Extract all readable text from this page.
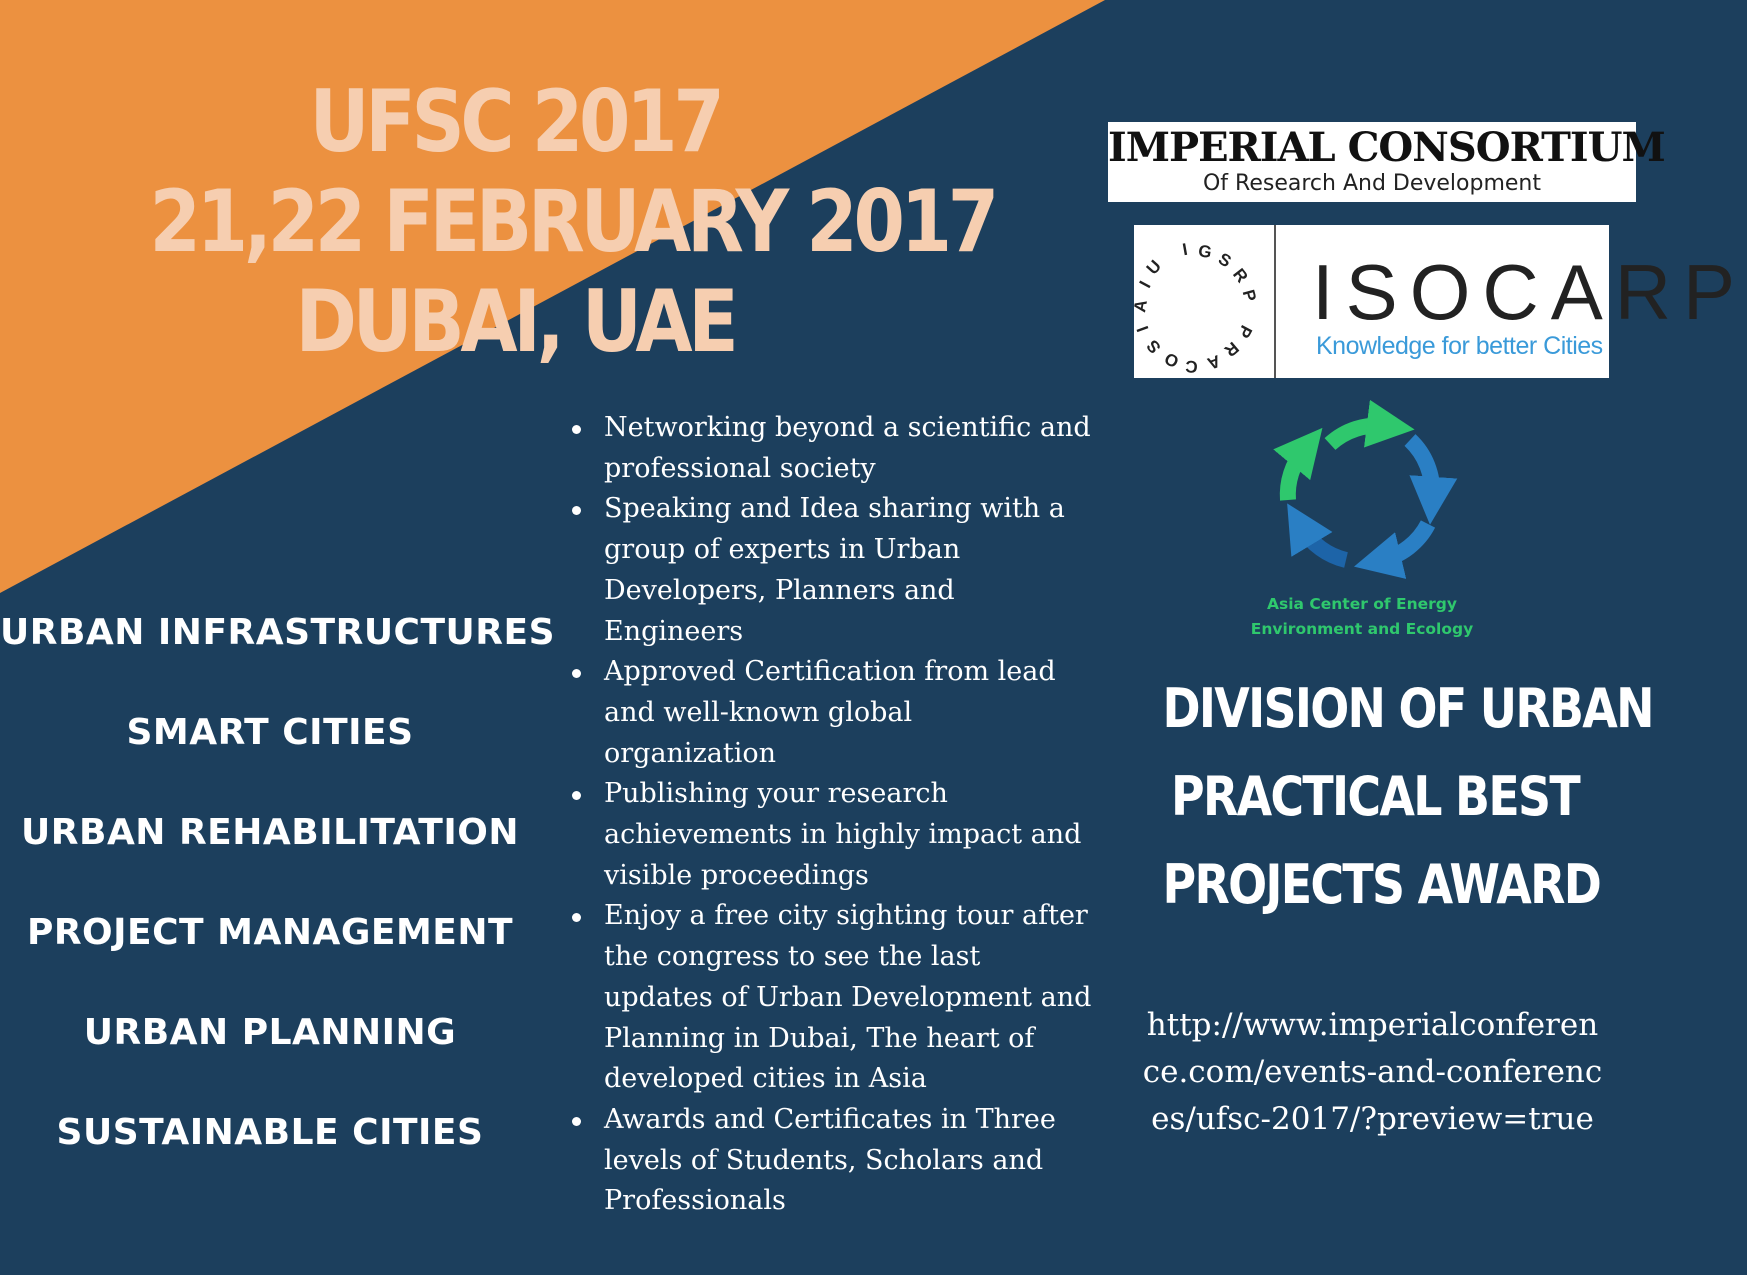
UFSC 2017
21,22 FEBRUARY 2017
DUBAI, UAE
URBAN INFRASTRUCTURES
SMART CITIES
URBAN REHABILITATION
PROJECT MANAGEMENT
URBAN PLANNING
SUSTAINABLE CITIES
Networking beyond a scientific and professional society
Speaking and Idea sharing with a group of experts in Urban Developers, Planners and Engineers
Approved Certification from lead and well-known global organization
Publishing your research achievements in highly impact and visible proceedings
Enjoy a free city sighting tour after the congress to see the last updates of Urban Development and Planning in Dubai, The heart of developed cities in Asia
Awards and Certificates in Three levels of Students, Scholars and Professionals
IMPERIAL CONSORTIUM
Of Research And Development
A
I
U
I G S
R
P
I
S
O C A
R
P ISOCARP
Knowledge for better Cities
Asia Center of Energy
Environment and Ecology
DIVISION OF URBAN
PRACTICAL BEST
PROJECTS AWARD
http://www.imperialconference.com/events-and-conferences/ufsc-2017/?preview=true
